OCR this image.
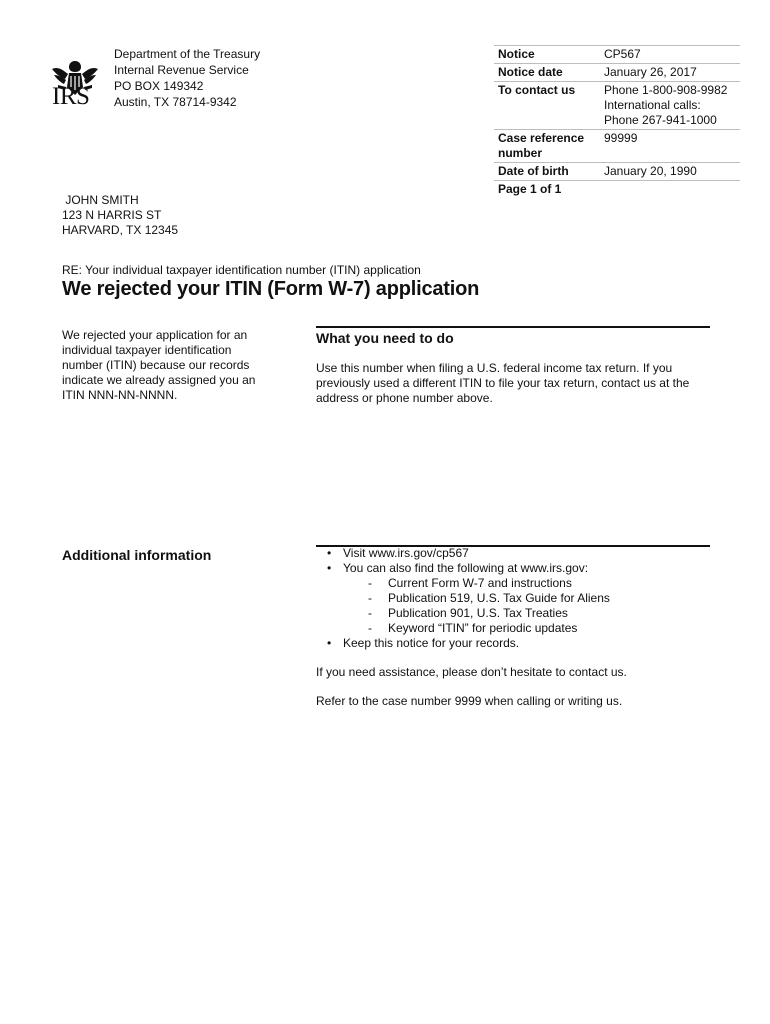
IRS
Department of the Treasury
Internal Revenue Service
PO BOX 149342
Austin, TX 78714-9342
Notice	CP567
Notice date	January 26, 2017
To contact us	Phone 1-800-908-9982
International calls:
Phone 267-941-1000

Case reference
number	99999
Date of birth	January 20, 1990
Page 1 of 1	
JOHN SMITH
123 N HARRIS ST
HARVARD, TX 12345
RE: Your individual taxpayer identification number (ITIN) application
We rejected your ITIN (Form W-7) application
We rejected your application for an
individual taxpayer identification
number (ITIN) because our records
indicate we already assigned you an
ITIN NNN-NN-NNNN.
What you need to do
Use this number when filing a U.S. federal income tax return. If you
previously used a different ITIN to file your tax return, contact us at the
address or phone number above.
Additional information	• Visit www.irs.gov/cp567
• You can also find the following at www.irs.gov:
- Current Form W-7 and instructions
- Publication 519, U.S. Tax Guide for Aliens
- Publication 901, U.S. Tax Treaties
- Keyword “ITIN” for periodic updates
• Keep this notice for your records.

If you need assistance, please don’t hesitate to contact us.

Refer to the case number 9999 when calling or writing us.
